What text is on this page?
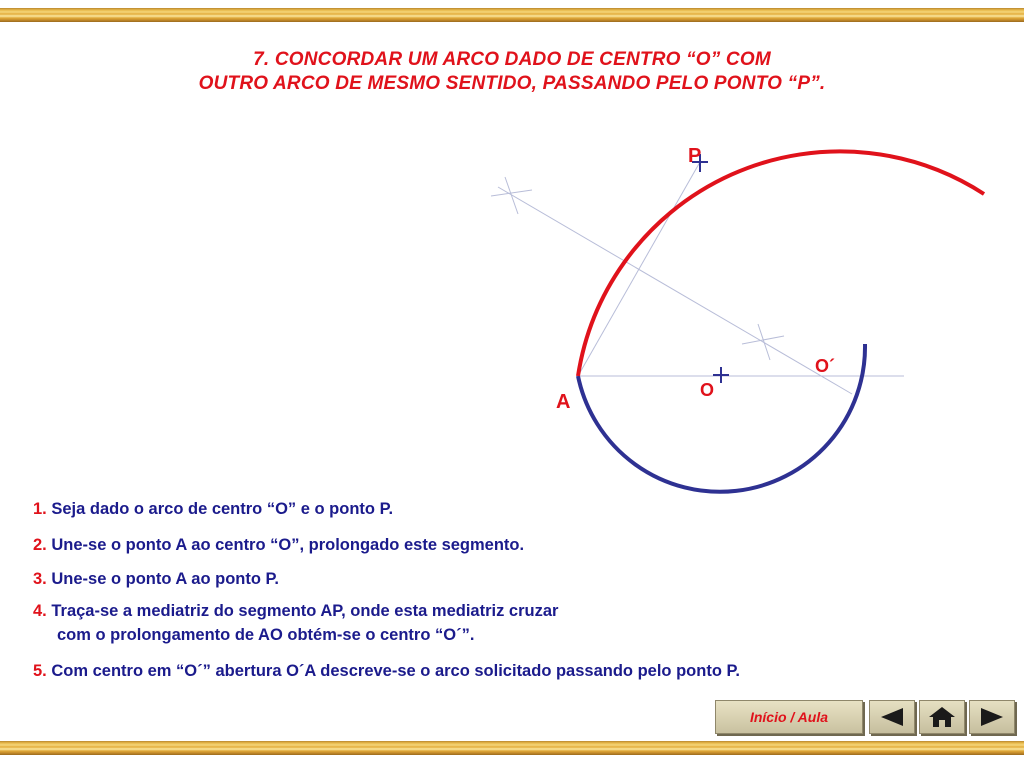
7. CONCORDAR UM ARCO DADO DE CENTRO “O” COM
OUTRO ARCO DE MESMO SENTIDO, PASSANDO PELO PONTO “P”.
P
A
O
O´
1. Seja dado o arco de centro “O” e o ponto P.
2. Une-se o ponto A ao centro “O”, prolongado este segmento.
3. Une-se o ponto A ao ponto P.
4. Traça-se a mediatriz do segmento AP, onde esta mediatriz cruzar
com o prolongamento de AO obtém-se o centro “O´”.
5. Com centro em “O´” abertura O´A descreve-se o arco solicitado passando pelo ponto P.
Início / Aula
